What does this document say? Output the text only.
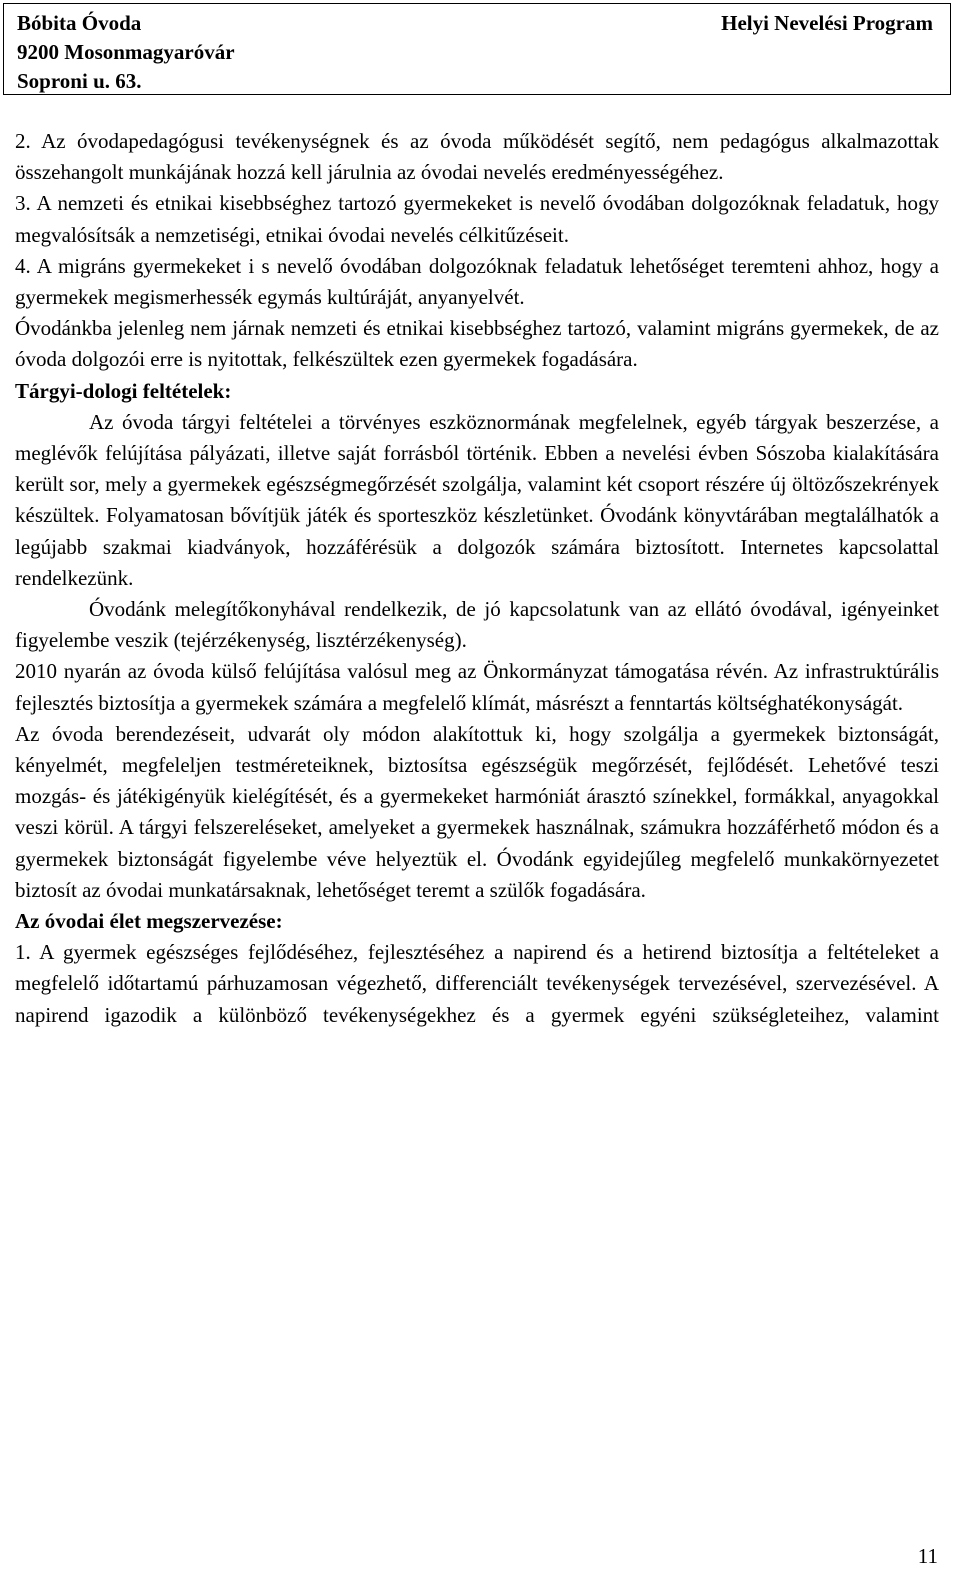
Bóbita Óvoda
9200 Mosonmagyaróvár
Soproni u. 63.
Helyi Nevelési Program

2. Az óvodapedagógusi tevékenységnek és az óvoda működését segítő, nem pedagógus alkalmazottak összehangolt munkájának hozzá kell járulnia az óvodai nevelés eredményességéhez.

3. A nemzeti és etnikai kisebbséghez tartozó gyermekeket is nevelő óvodában dolgozóknak feladatuk, hogy megvalósítsák a nemzetiségi, etnikai óvodai nevelés célkitűzéseit.

4. A migráns gyermekeket i s nevelő óvodában dolgozóknak feladatuk lehetőséget teremteni ahhoz, hogy a gyermekek megismerhessék egymás kultúráját, anyanyelvét.

Óvodánkba jelenleg nem járnak nemzeti és etnikai kisebbséghez tartozó, valamint migráns gyermekek, de az óvoda dolgozói erre is nyitottak, felkészültek ezen gyermekek fogadására.

Tárgyi-dologi feltételek:

Az óvoda tárgyi feltételei a törvényes eszköznormának megfelelnek, egyéb tárgyak beszerzése, a meglévők felújítása pályázati, illetve saját forrásból történik. Ebben a nevelési évben Sószoba kialakítására került sor, mely a gyermekek egészségmegőrzését szolgálja, valamint két csoport részére új öltözőszekrények készültek. Folyamatosan bővítjük játék és sporteszköz készletünket. Óvodánk könyvtárában megtalálhatók a legújabb szakmai kiadványok, hozzáférésük a dolgozók számára biztosított. Internetes kapcsolattal rendelkezünk.

Óvodánk melegítőkonyhával rendelkezik, de jó kapcsolatunk van az ellátó óvodával, igényeinket figyelembe veszik (tejérzékenység, lisztérzékenység).

2010 nyarán az óvoda külső felújítása valósul meg az Önkormányzat támogatása révén. Az infrastruktúrális fejlesztés biztosítja a gyermekek számára a megfelelő klímát, másrészt a fenntartás költséghatékonyságát.

Az óvoda berendezéseit, udvarát oly módon alakítottuk ki, hogy szolgálja a gyermekek biztonságát, kényelmét, megfeleljen testméreteiknek, biztosítsa egészségük megőrzését, fejlődését. Lehetővé teszi mozgás- és játékigényük kielégítését, és a gyermekeket harmóniát árasztó színekkel, formákkal, anyagokkal veszi körül. A tárgyi felszereléseket, amelyeket a gyermekek használnak, számukra hozzáférhető módon és a gyermekek biztonságát figyelembe véve helyeztük el. Óvodánk egyidejűleg megfelelő munkakörnyezetet biztosít az óvodai munkatársaknak, lehetőséget teremt a szülők fogadására.

Az óvodai élet megszervezése:

1. A gyermek egészséges fejlődéséhez, fejlesztéséhez a napirend és a hetirend biztosítja a feltételeket a megfelelő időtartamú párhuzamosan végezhető, differenciált tevékenységek tervezésével, szervezésével. A napirend igazodik a különböző tevékenységekhez és a gyermek egyéni szükségleteihez, valamint

11
